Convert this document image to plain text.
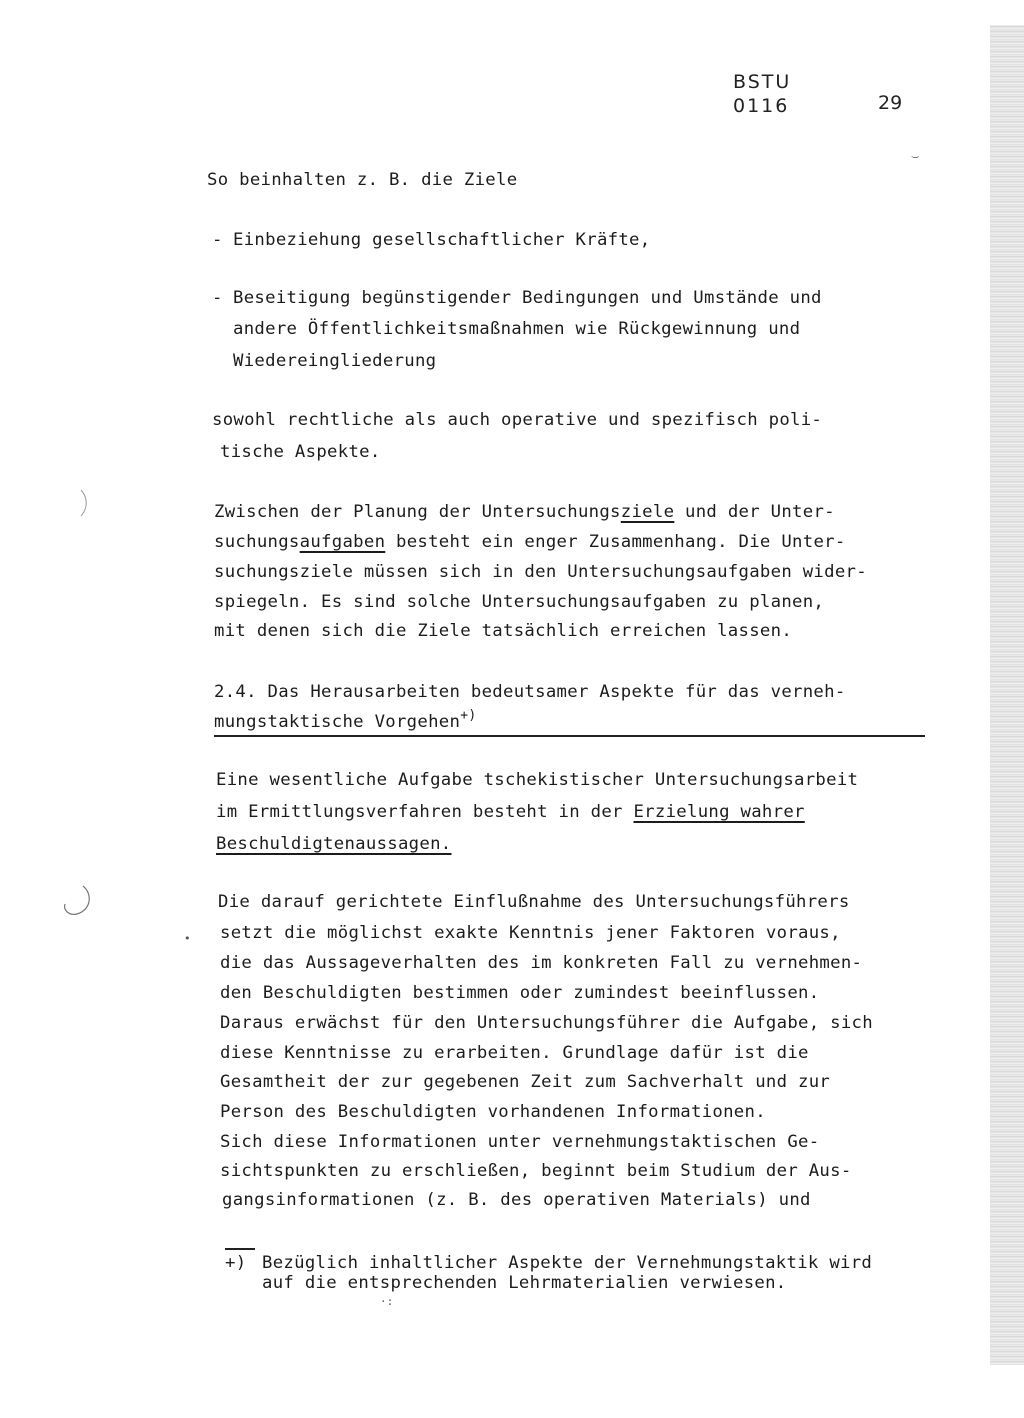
BSTU
0116	29

So beinhalten z. B. die Ziele

- Einbeziehung gesellschaftlicher Kräfte,

- Beseitigung begünstigender Bedingungen und Umstände und

andere Öffentlichkeitsmaßnahmen wie Rückgewinnung und

Wiedereingliederung

sowohl rechtliche als auch operative und spezifisch poli-

tische Aspekte.

Zwischen der Planung der Untersuchungsziele und der Unter-

suchungsaufgaben besteht ein enger Zusammenhang. Die Unter-

suchungsziele müssen sich in den Untersuchungsaufgaben wider-

spiegeln. Es sind solche Untersuchungsaufgaben zu planen,

mit denen sich die Ziele tatsächlich erreichen lassen.

2.4. Das Herausarbeiten bedeutsamer Aspekte für das verneh-

mungstaktische Vorgehen+)

Eine wesentliche Aufgabe tschekistischer Untersuchungsarbeit

im Ermittlungsverfahren besteht in der Erzielung wahrer

Beschuldigtenaussagen.

Die darauf gerichtete Einflußnahme des Untersuchungsführers

setzt die möglichst exakte Kenntnis jener Faktoren voraus,

die das Aussageverhalten des im konkreten Fall zu vernehmen-

den Beschuldigten bestimmen oder zumindest beeinflussen.

Daraus erwächst für den Untersuchungsführer die Aufgabe, sich

diese Kenntnisse zu erarbeiten. Grundlage dafür ist die

Gesamtheit der zur gegebenen Zeit zum Sachverhalt und zur

Person des Beschuldigten vorhandenen Informationen.

Sich diese Informationen unter vernehmungstaktischen Ge-

sichtspunkten zu erschließen, beginnt beim Studium der Aus-

gangsinformationen (z. B. des operativen Materials) und

+) Bezüglich inhaltlicher Aspekte der Vernehmungstaktik wird

auf die entsprechenden Lehrmaterialien verwiesen.

•
‿
·:
